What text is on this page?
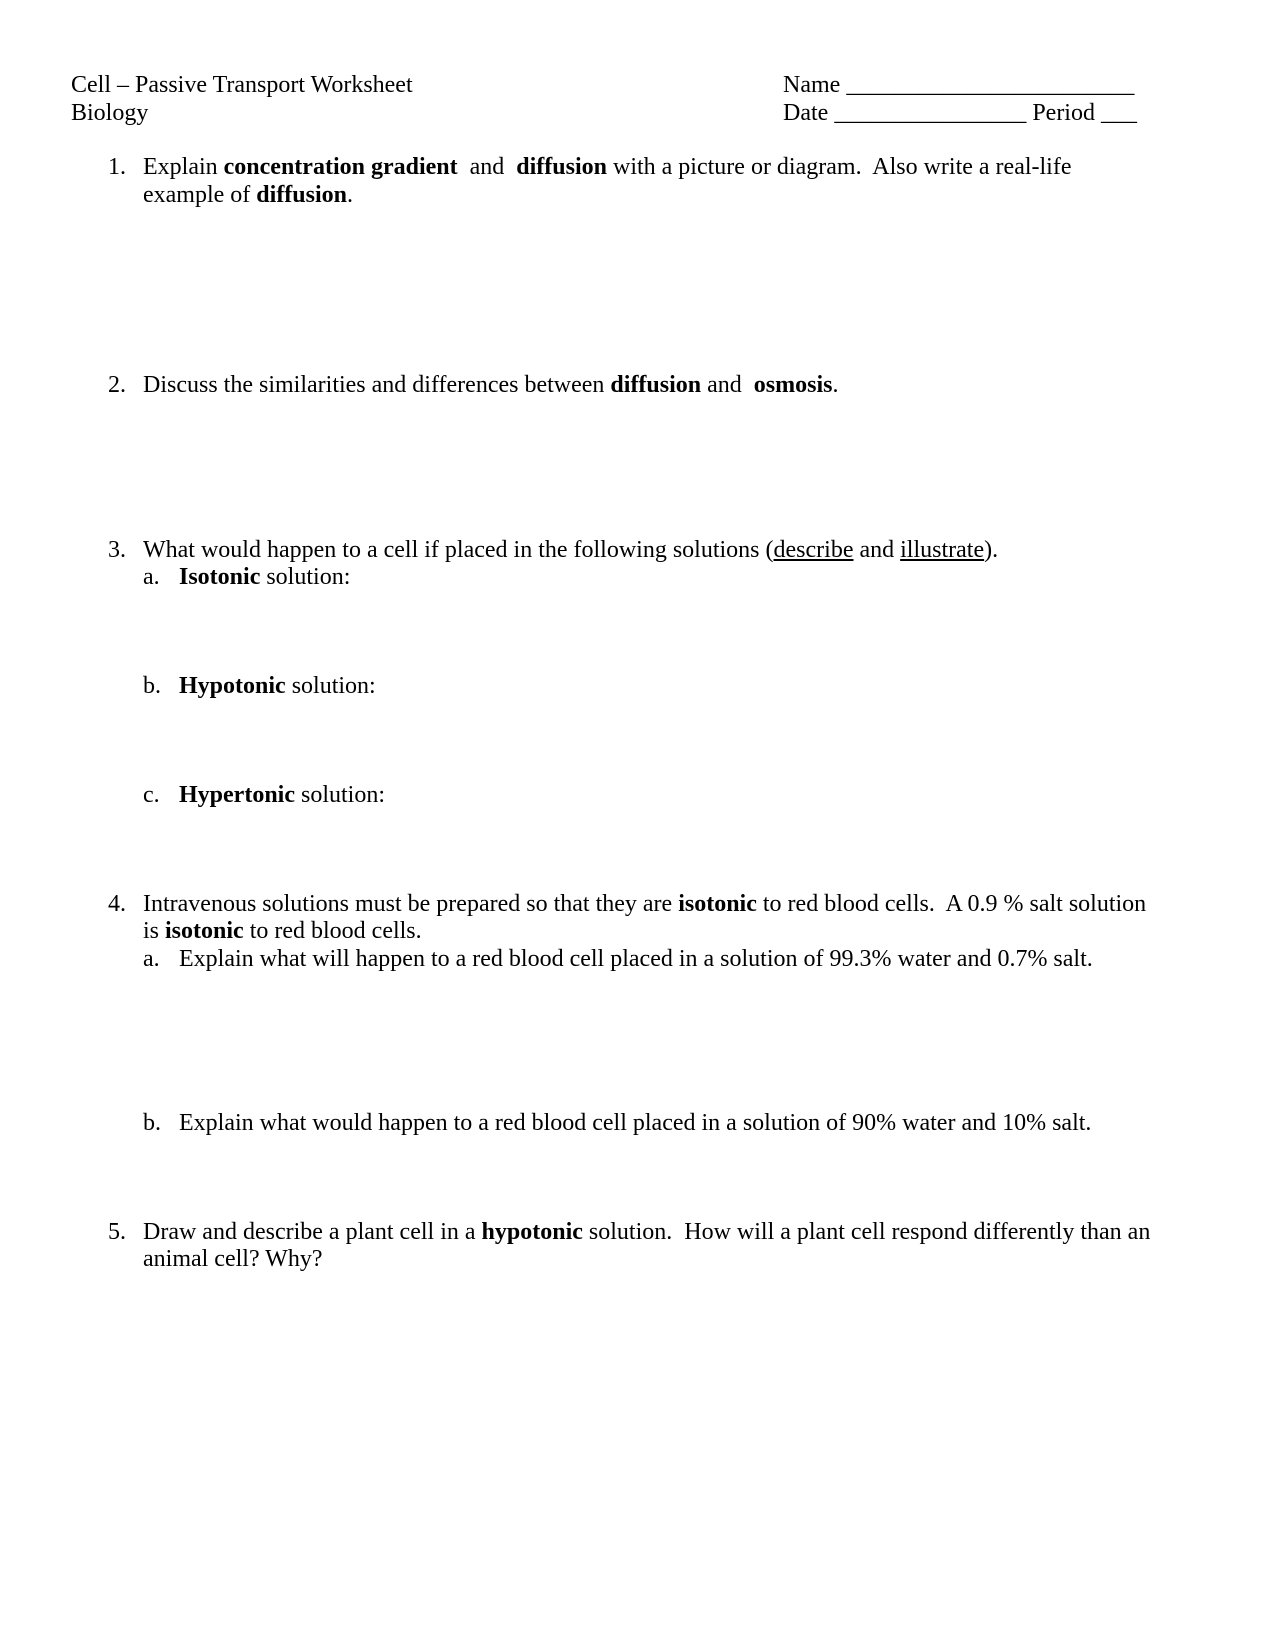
Cell – Passive Transport Worksheet
Biology
Name ________________________
Date ________________ Period ___
1. Explain concentration gradient  and  diffusion with a picture or diagram.  Also write a real-life
example of diffusion.
2. Discuss the similarities and differences between diffusion and  osmosis.
3. What would happen to a cell if placed in the following solutions (describe and illustrate).
a. Isotonic solution:
b. Hypotonic solution:
c. Hypertonic solution:
4. Intravenous solutions must be prepared so that they are isotonic to red blood cells.  A 0.9 % salt solution
is isotonic to red blood cells.
a. Explain what will happen to a red blood cell placed in a solution of 99.3% water and 0.7% salt.
b. Explain what would happen to a red blood cell placed in a solution of 90% water and 10% salt.
5. Draw and describe a plant cell in a hypotonic solution.  How will a plant cell respond differently than an
animal cell? Why?
